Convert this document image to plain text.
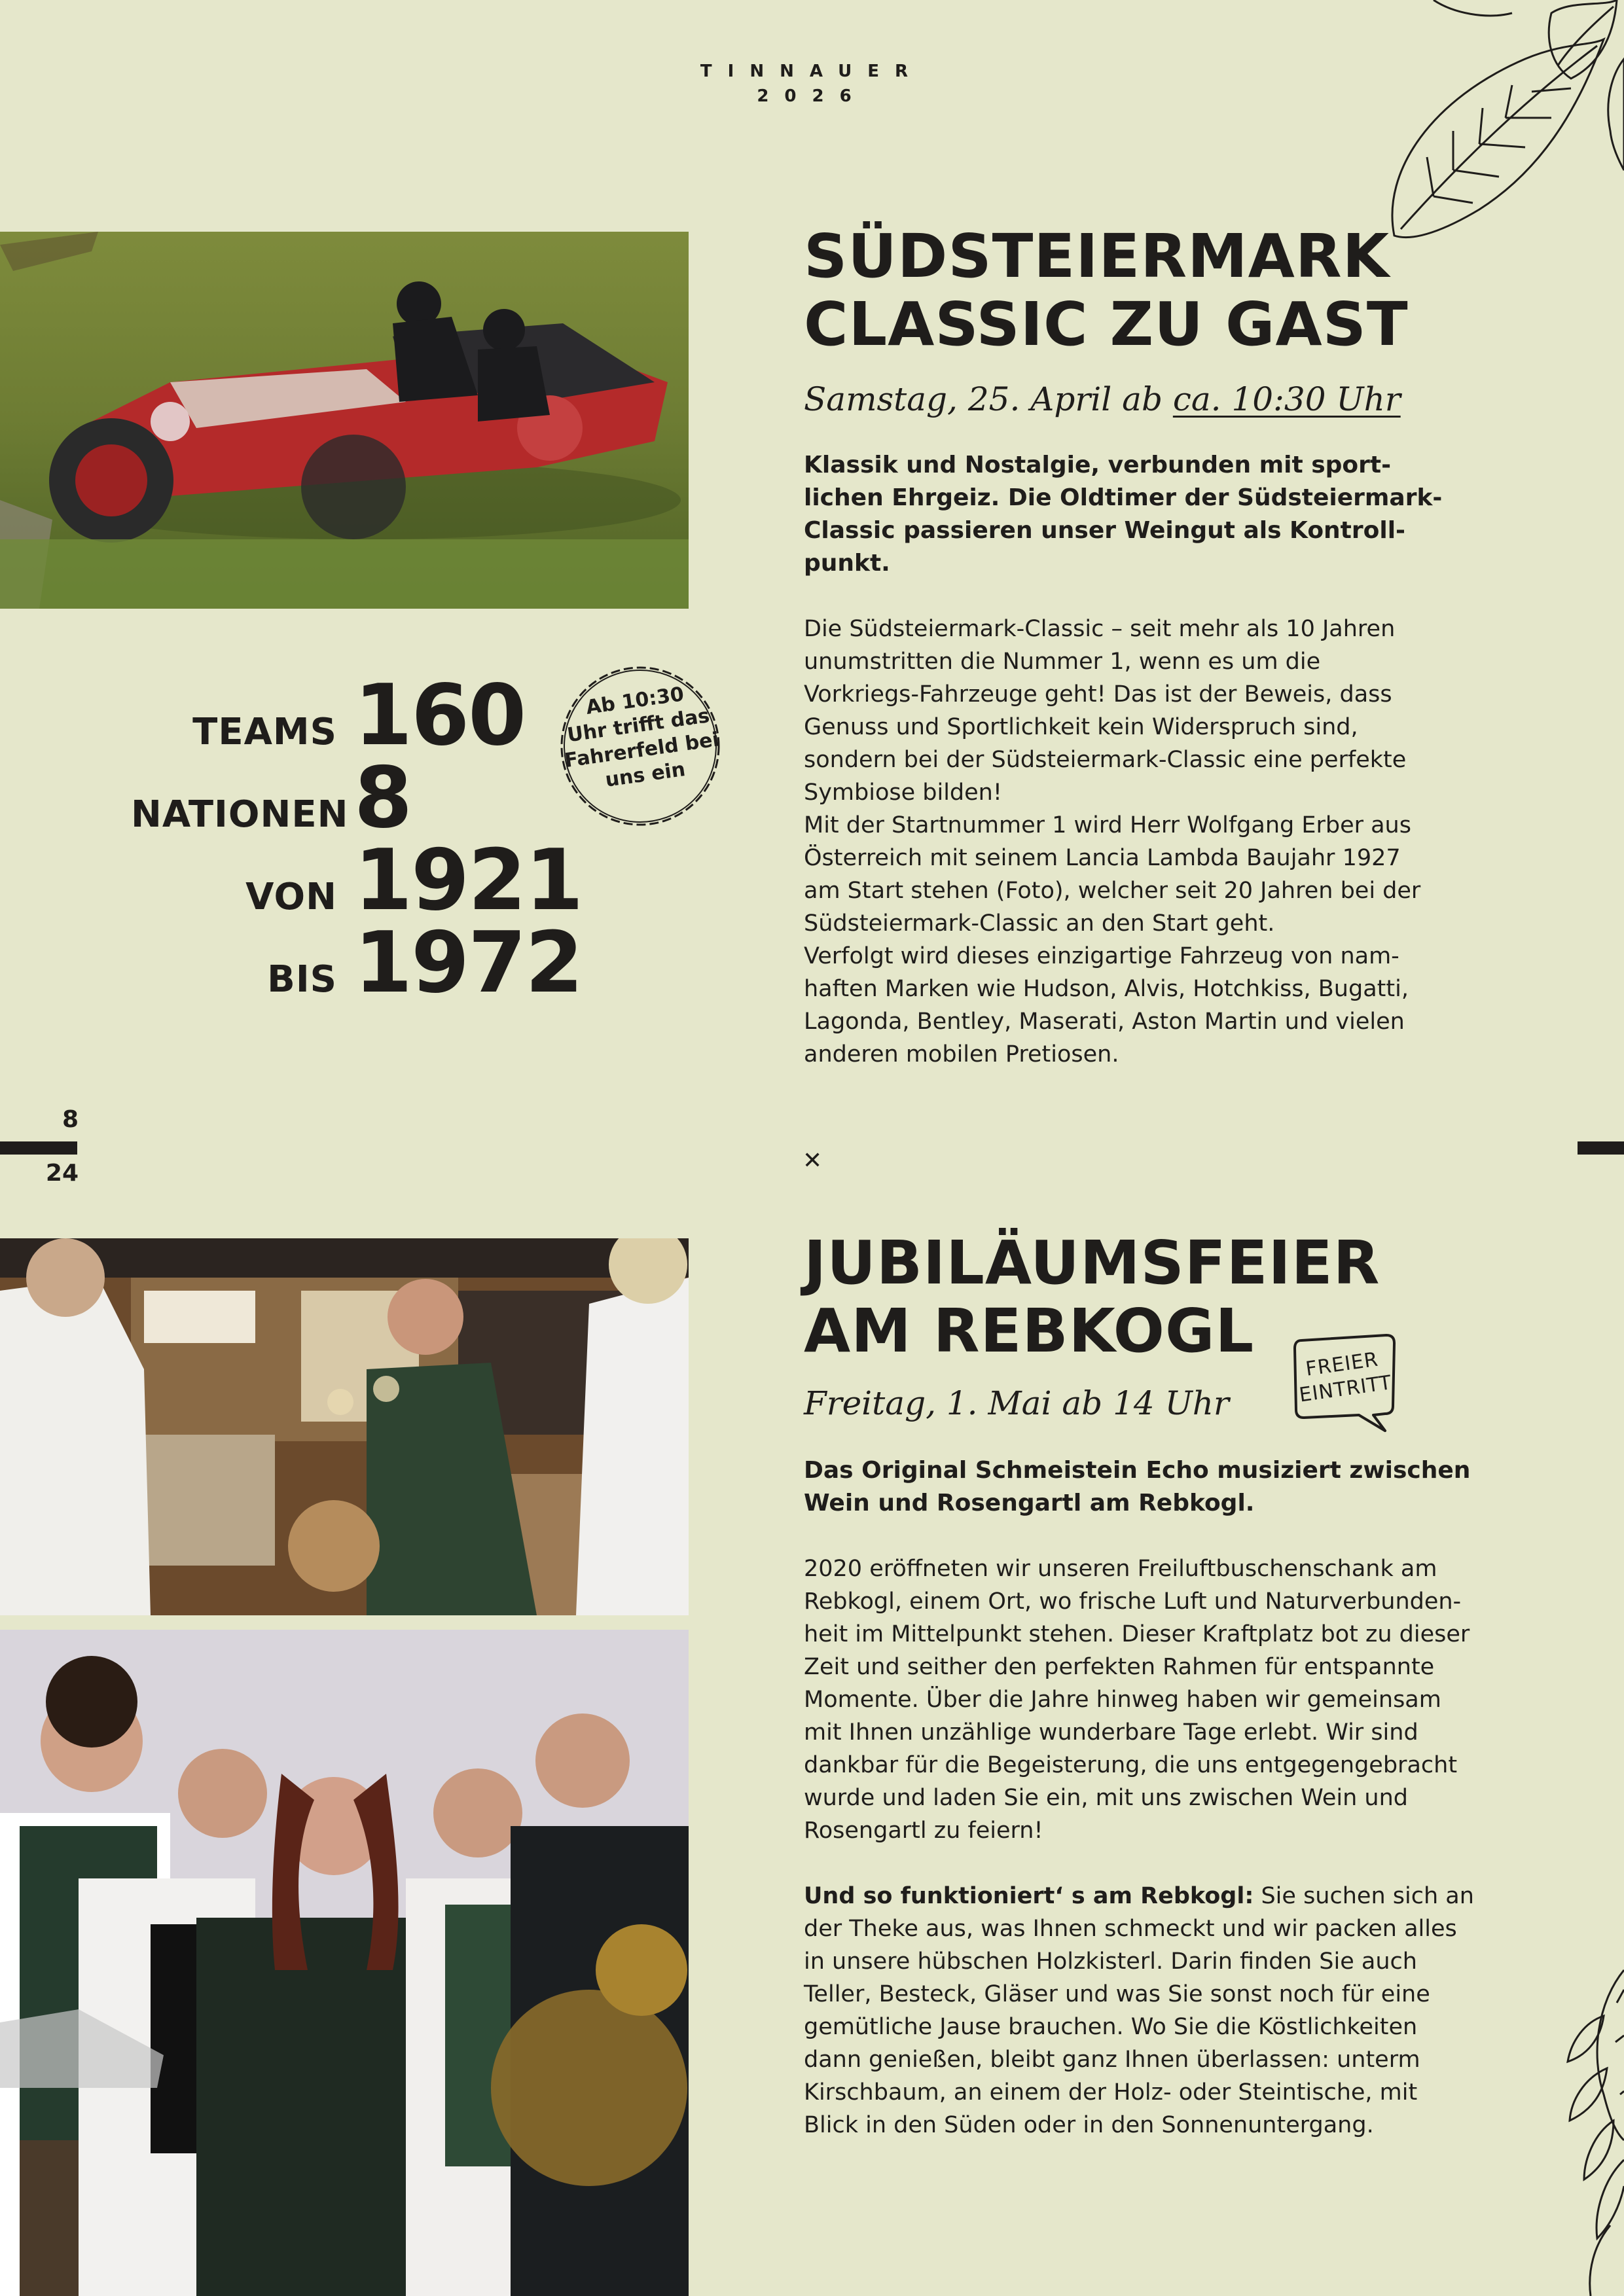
TINNAUER
2026
TEAMS 160
NATIONEN 8
VON 1921
BIS 1972
Ab 10:30
Uhr trifft das
Fahrerfeld bei
uns ein
SÜDSTEIERMARK
CLASSIC ZU GAST
Samstag, 25. April ab ca. 10:30 Uhr
Klassik und Nostalgie, verbunden mit sport-
lichen Ehrgeiz. Die Oldtimer der Südsteiermark-
Classic passieren unser Weingut als Kontroll-
punkt.
Die Südsteiermark-Classic – seit mehr als 10 Jahren
unumstritten die Nummer 1, wenn es um die
Vorkriegs-Fahrzeuge geht! Das ist der Beweis, dass
Genuss und Sportlichkeit kein Widerspruch sind,
sondern bei der Südsteiermark-Classic eine perfekte
Symbiose bilden!
Mit der Startnummer 1 wird Herr Wolfgang Erber aus
Österreich mit seinem Lancia Lambda Baujahr 1927
am Start stehen (Foto), welcher seit 20 Jahren bei der
Südsteiermark-Classic an den Start geht.
Verfolgt wird dieses einzigartige Fahrzeug von nam-
haften Marken wie Hudson, Alvis, Hotchkiss, Bugatti,
Lagonda, Bentley, Maserati, Aston Martin und vielen
anderen mobilen Pretiosen.
8
24	✕
JUBILÄUMSFEIER
AM REBKOGL
Freitag, 1. Mai ab 14 Uhr
Das Original Schmeistein Echo musiziert zwischen
Wein und Rosengartl am Rebkogl.
2020 eröffneten wir unseren Freiluftbuschenschank am
Rebkogl, einem Ort, wo frische Luft und Naturverbunden-
heit im Mittelpunkt stehen. Dieser Kraftplatz bot zu dieser
Zeit und seither den perfekten Rahmen für entspannte
Momente. Über die Jahre hinweg haben wir gemeinsam
mit Ihnen unzählige wunderbare Tage erlebt. Wir sind
dankbar für die Begeisterung, die uns entgegengebracht
wurde und laden Sie ein, mit uns zwischen Wein und
Rosengartl zu feiern!
Und so funktioniert‘ s am Rebkogl: Sie suchen sich an
der Theke aus, was Ihnen schmeckt und wir packen alles
in unsere hübschen Holzkisterl. Darin finden Sie auch
Teller, Besteck, Gläser und was Sie sonst noch für eine
gemütliche Jause brauchen. Wo Sie die Köstlichkeiten
dann genießen, bleibt ganz Ihnen überlassen: unterm
Kirschbaum, an einem der Holz- oder Steintische, mit
Blick in den Süden oder in den Sonnenuntergang.
FREIER
EINTRITT
